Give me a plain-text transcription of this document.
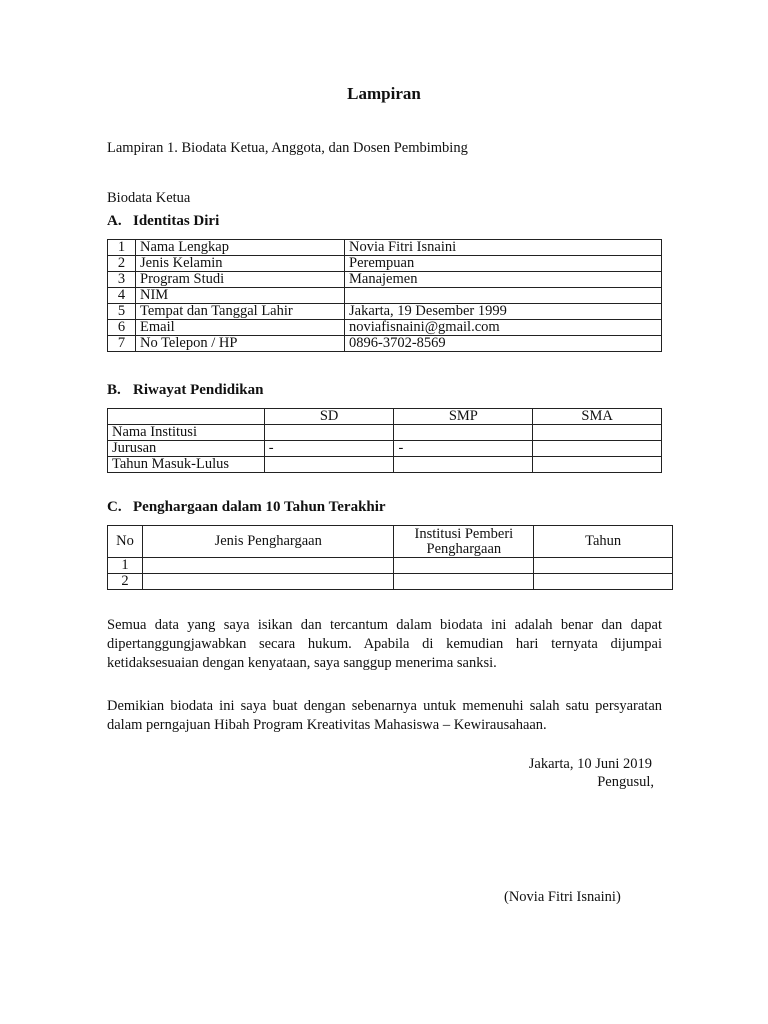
Lampiran
Lampiran 1. Biodata Ketua, Anggota, dan Dosen Pembimbing
Biodata Ketua
A. Identitas Diri
1	Nama Lengkap	Novia Fitri Isnaini
2	Jenis Kelamin	Perempuan
3	Program Studi	Manajemen
4	NIM	
5	Tempat dan Tanggal Lahir	Jakarta, 19 Desember 1999
6	Email	noviafisnaini@gmail.com
7	No Telepon / HP	0896-3702-8569
B. Riwayat Pendidikan
	SD	SMP	SMA
Nama Institusi			
Jurusan	-	-	
Tahun Masuk-Lulus			
C. Penghargaan dalam 10 Tahun Terakhir
No	Jenis Penghargaan	Institusi Pemberi Penghargaan	Tahun
1			
2			
Semua data yang saya isikan dan tercantum dalam biodata ini adalah benar dan dapat dipertanggungjawabkan secara hukum. Apabila di kemudian hari ternyata dijumpai ketidaksesuaian dengan kenyataan, saya sanggup menerima sanksi.
Demikian biodata ini saya buat dengan sebenarnya untuk memenuhi salah satu persyaratan dalam perngajuan Hibah Program Kreativitas Mahasiswa – Kewirausahaan.
Jakarta, 10 Juni 2019
Pengusul,
(Novia Fitri Isnaini)
